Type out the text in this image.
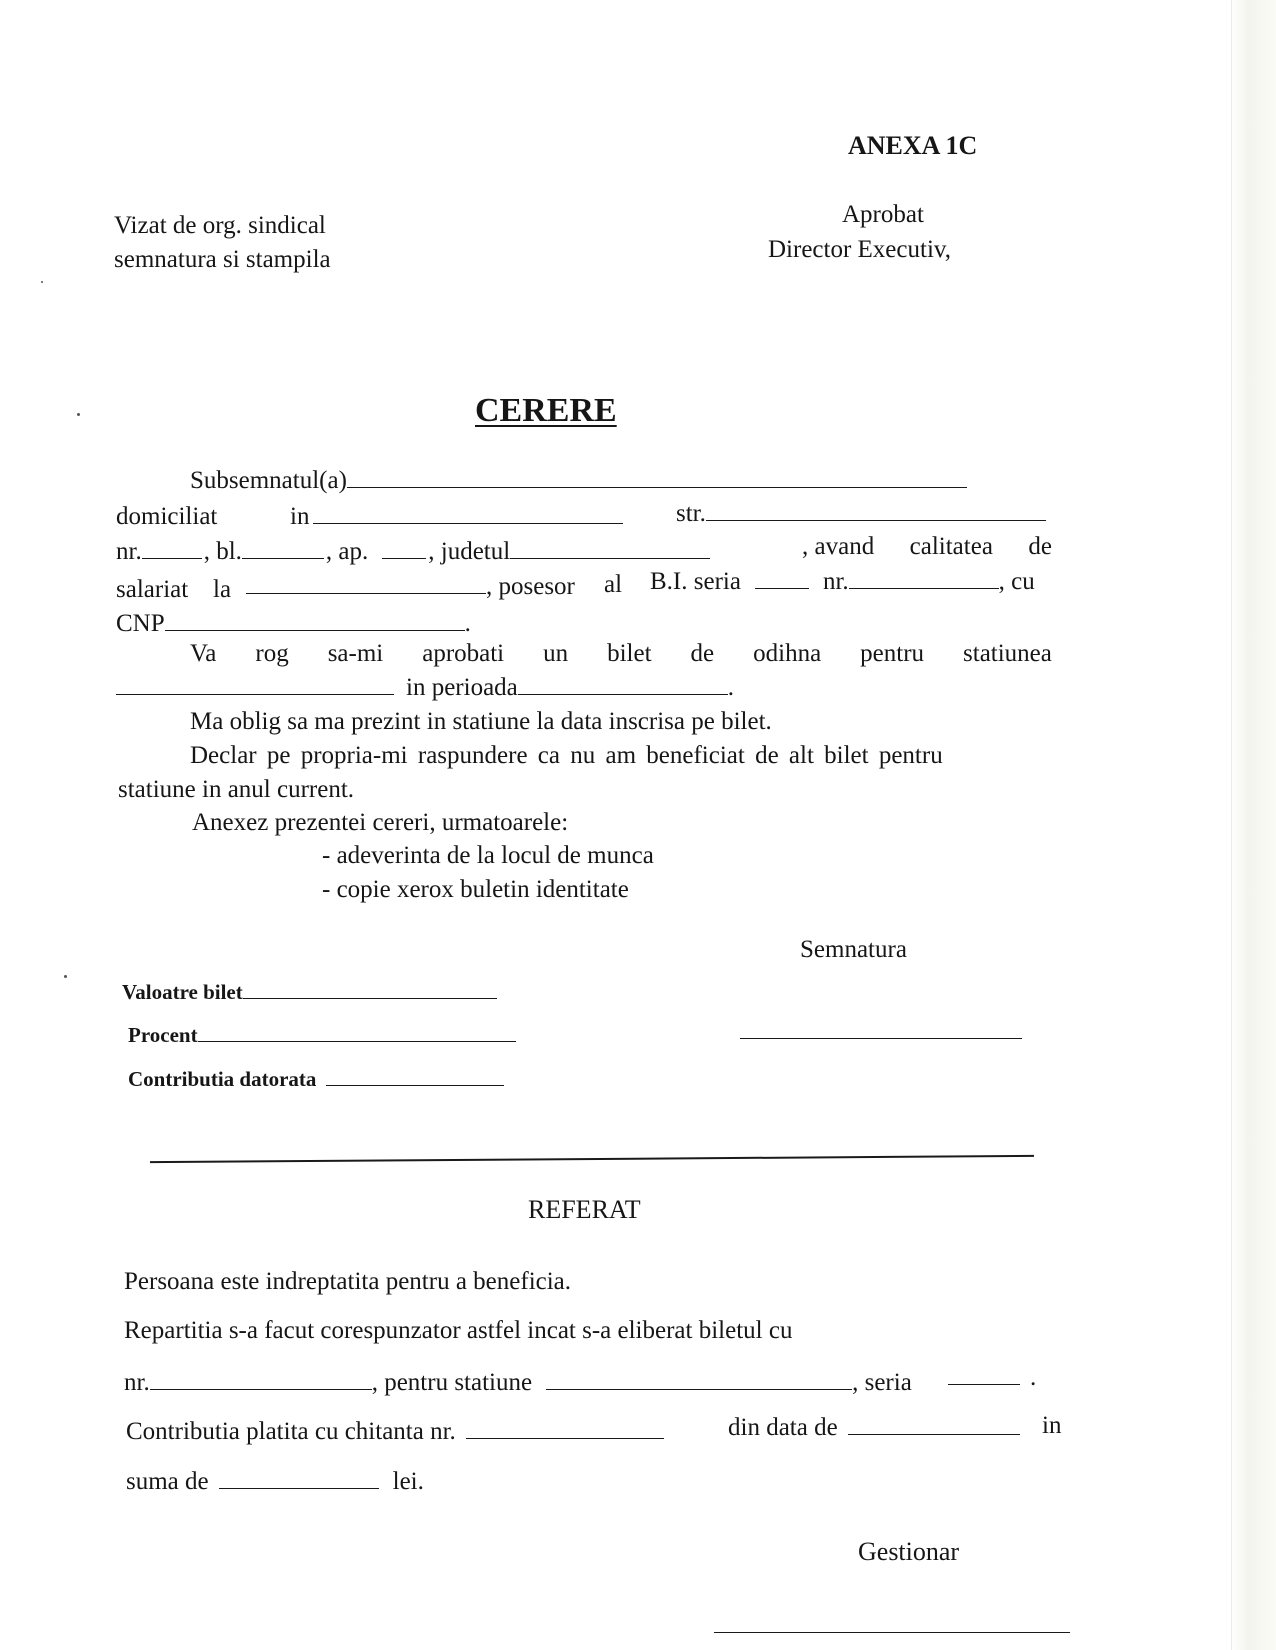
ANEXA 1C
Vizat de org. sindical
semnatura si stampila
Aprobat
Director Executiv,
CERERE
Subsemnatul(a)
domiciliat	in	str.
nr. , bl.	, ap. , judetul	, avand calitatea de
salariat la	, posesor al B.I. seria	nr.	, cu
CNP	.
Va rog sa-mi aprobati un bilet de odihna pentru statiunea
in perioada	.
Ma oblig sa ma prezint in statiune la data inscrisa pe bilet.
Declar pe propria-mi raspundere ca nu am beneficiat de alt bilet pentru
statiune in anul current.
Anexez prezentei cereri, urmatoarele:
- adeverinta de la locul de munca
- copie xerox buletin identitate
Semnatura
Valoatre bilet
Procent
Contributia datorata
REFERAT
Persoana este indreptatita pentru a beneficia.
Repartitia s-a facut corespunzator astfel incat s-a eliberat biletul cu
nr.	, pentru statiune	, seria	.
Contributia platita cu chitanta nr.	din data de	in
suma de	lei.
Gestionar
